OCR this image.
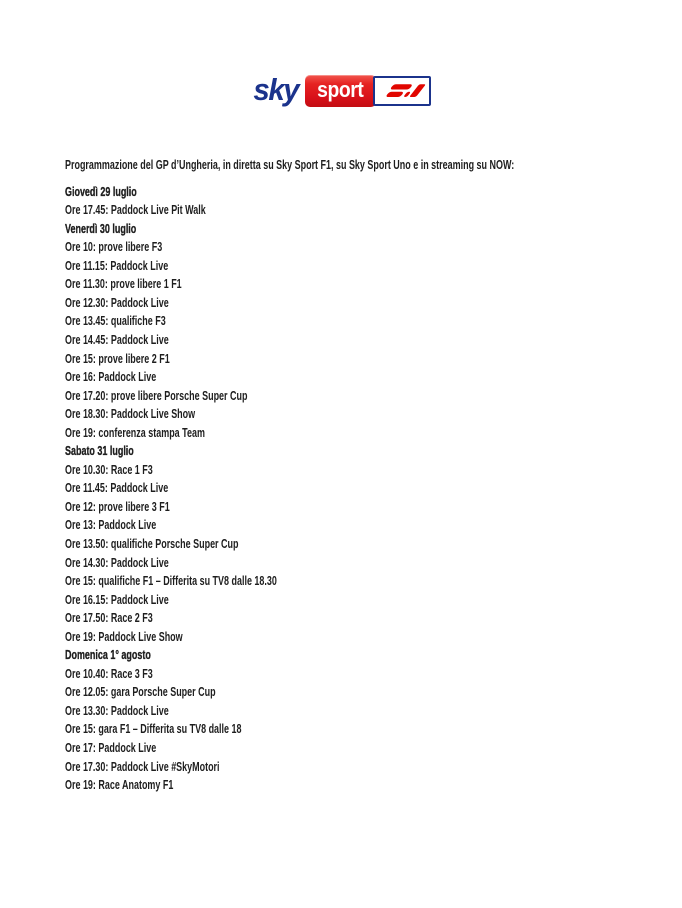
sky sport

Programmazione del GP d’Ungheria, in diretta su Sky Sport F1, su Sky Sport Uno e in streaming su NOW:

Giovedì 29 luglio
Ore 17.45: Paddock Live Pit Walk
Venerdì 30 luglio
Ore 10: prove libere F3
Ore 11.15: Paddock Live
Ore 11.30: prove libere 1 F1
Ore 12.30: Paddock Live
Ore 13.45: qualifiche F3
Ore 14.45: Paddock Live
Ore 15: prove libere 2 F1
Ore 16: Paddock Live
Ore 17.20: prove libere Porsche Super Cup
Ore 18.30: Paddock Live Show
Ore 19: conferenza stampa Team
Sabato 31 luglio
Ore 10.30: Race 1 F3
Ore 11.45: Paddock Live
Ore 12: prove libere 3 F1
Ore 13: Paddock Live
Ore 13.50: qualifiche Porsche Super Cup
Ore 14.30: Paddock Live
Ore 15: qualifiche F1 – Differita su TV8 dalle 18.30
Ore 16.15: Paddock Live
Ore 17.50: Race 2 F3
Ore 19: Paddock Live Show
Domenica 1° agosto
Ore 10.40: Race 3 F3
Ore 12.05: gara Porsche Super Cup
Ore 13.30: Paddock Live
Ore 15: gara F1 – Differita su TV8 dalle 18
Ore 17: Paddock Live
Ore 17.30: Paddock Live #SkyMotori
Ore 19: Race Anatomy F1
